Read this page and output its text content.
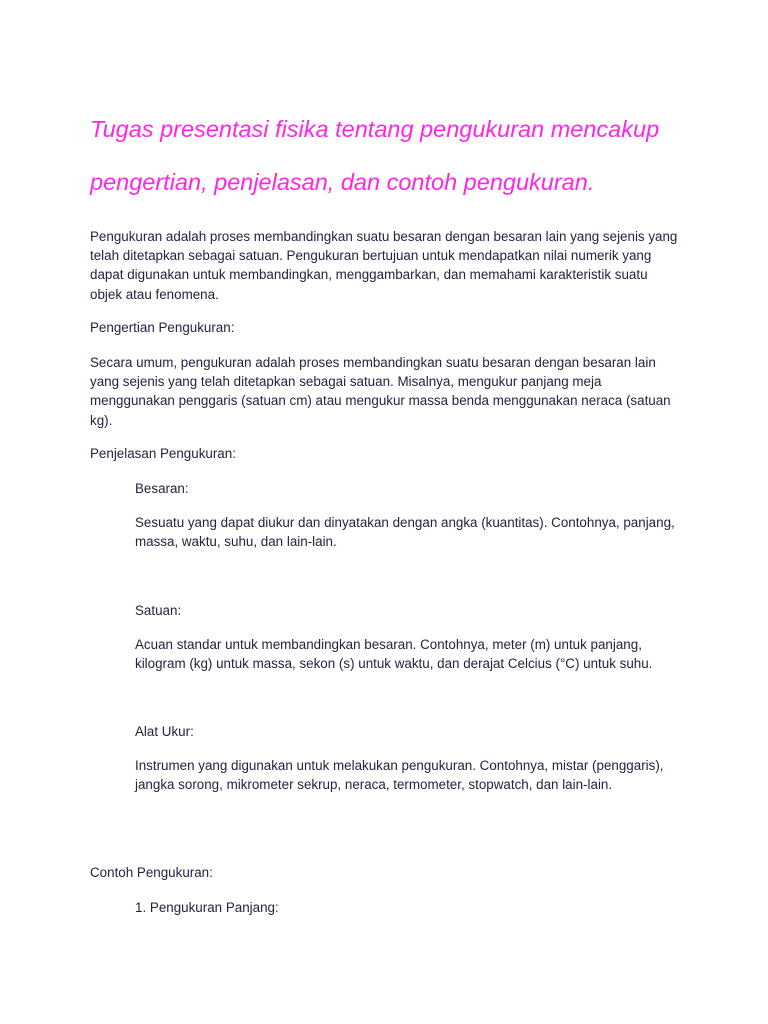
Tugas presentasi fisika tentang pengukuran mencakup pengertian, penjelasan, dan contoh pengukuran.

Pengukuran adalah proses membandingkan suatu besaran dengan besaran lain yang sejenis yang telah ditetapkan sebagai satuan. Pengukuran bertujuan untuk mendapatkan nilai numerik yang dapat digunakan untuk membandingkan, menggambarkan, dan memahami karakteristik suatu objek atau fenomena.

Pengertian Pengukuran:

Secara umum, pengukuran adalah proses membandingkan suatu besaran dengan besaran lain yang sejenis yang telah ditetapkan sebagai satuan. Misalnya, mengukur panjang meja menggunakan penggaris (satuan cm) atau mengukur massa benda menggunakan neraca (satuan kg).

Penjelasan Pengukuran:

Besaran:

Sesuatu yang dapat diukur dan dinyatakan dengan angka (kuantitas). Contohnya, panjang, massa, waktu, suhu, dan lain-lain.

Satuan:

Acuan standar untuk membandingkan besaran. Contohnya, meter (m) untuk panjang, kilogram (kg) untuk massa, sekon (s) untuk waktu, dan derajat Celcius (°C) untuk suhu.

Alat Ukur:

Instrumen yang digunakan untuk melakukan pengukuran. Contohnya, mistar (penggaris), jangka sorong, mikrometer sekrup, neraca, termometer, stopwatch, dan lain-lain.

Contoh Pengukuran:

1. Pengukuran Panjang:
